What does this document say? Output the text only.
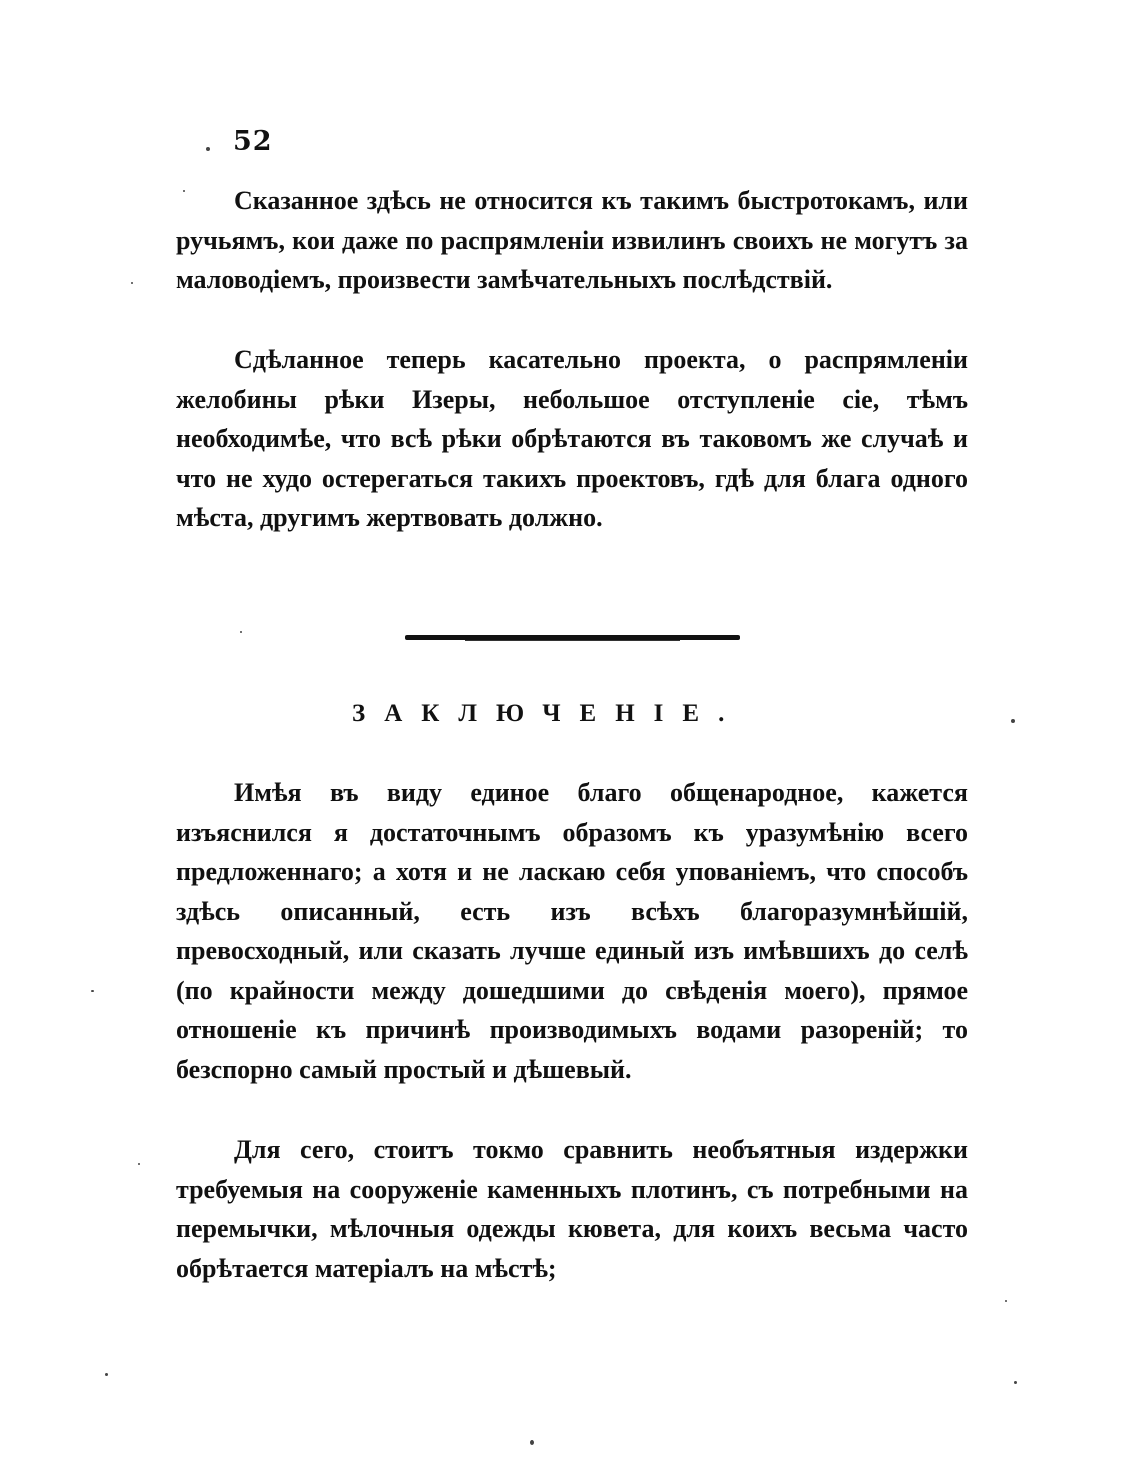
52

Сказанное здѣсь не относится къ такимъ быстротокамъ, или ручьямъ, кои даже по распрямленіи извилинъ своихъ не могутъ за маловодіемъ, произвести замѣчательныхъ послѣдствій.

Сдѣланное теперь касательно проекта, о распрямленіи желобины рѣки Изеры, небольшое отступленіе сіе, тѣмъ необходимѣе, что всѣ рѣки обрѣтаются въ таковомъ же случаѣ и что не худо остерегаться такихъ проектовъ, гдѣ для блага одного мѣста, другимъ жертвовать должно.

ЗАКЛЮЧЕНІЕ.

Имѣя въ виду единое благо общенародное, кажется изъяснился я достаточнымъ образомъ къ уразумѣнію всего предложеннаго; а хотя и не ласкаю себя упованіемъ, что способъ здѣсь описанный, есть изъ всѣхъ благоразумнѣйшій, превосходный, или сказать лучше единый изъ имѣвшихъ до селѣ (по крайности между дошедшими до свѣденія моего), прямое отношеніе къ причинѣ производимыхъ водами разореній; то безспорно самый простый и дѣшевый.

Для сего, стоитъ токмо сравнить необъятныя издержки требуемыя на сооруженіе каменныхъ плотинъ, съ потребными на перемычки, мѣлочныя одежды кювета, для коихъ весьма часто обрѣтается матеріалъ на мѣстѣ;
